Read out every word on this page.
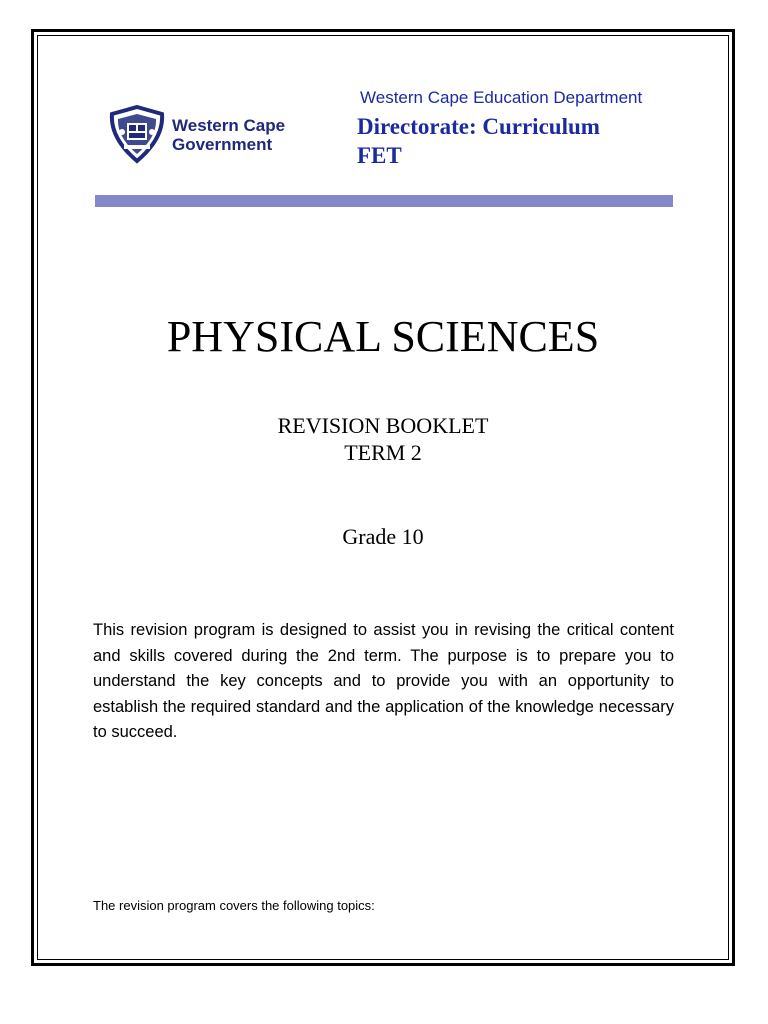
Western Cape
Government
Western Cape Education Department
Directorate: Curriculum
FET
PHYSICAL SCIENCES
REVISION BOOKLET
TERM 2
Grade 10
This revision program is designed to assist you in revising the critical content and skills covered during the 2nd term. The purpose is to prepare you to understand the key concepts and to provide you with an opportunity to establish the required standard and the application of the knowledge necessary to succeed.
The revision program covers the following topics:
